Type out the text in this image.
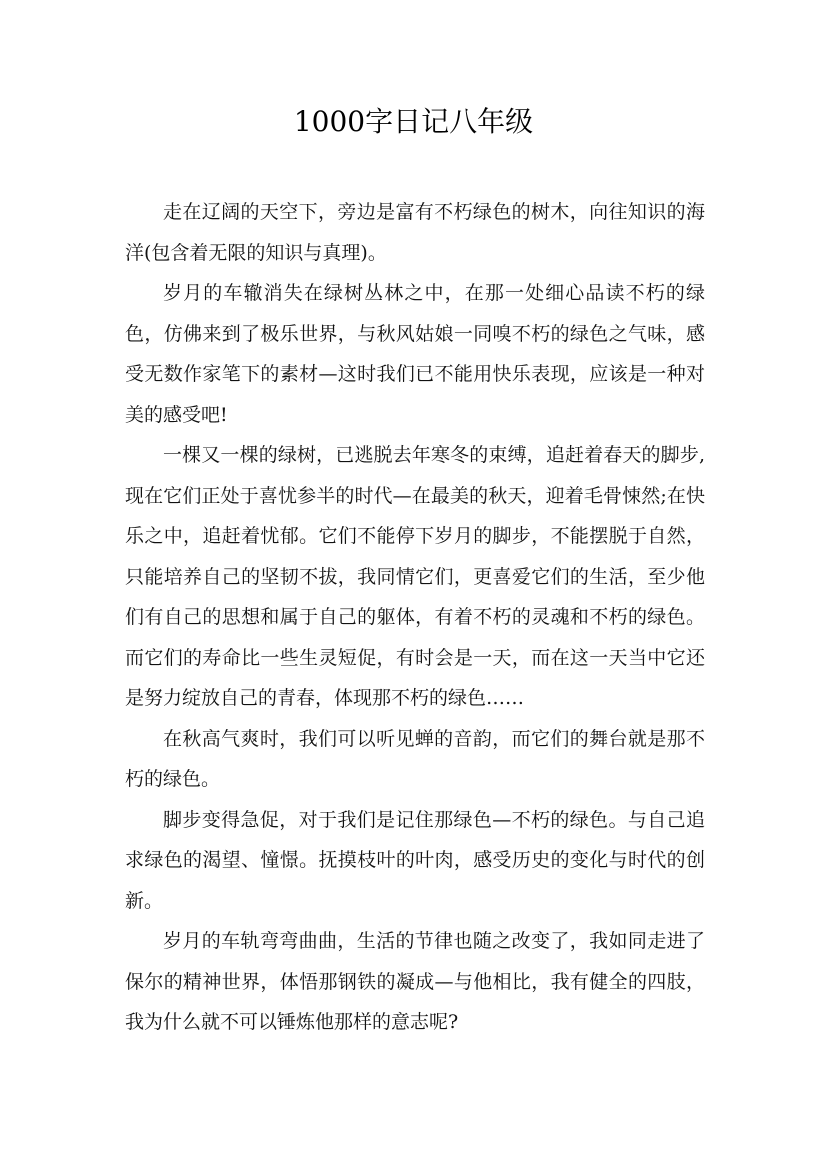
1000字日记八年级

走在辽阔的天空下，旁边是富有不朽绿色的树木，向往知识的海洋(包含着无限的知识与真理)。

岁月的车辙消失在绿树丛林之中，在那一处细心品读不朽的绿色，仿佛来到了极乐世界，与秋风姑娘一同嗅不朽的绿色之气味，感受无数作家笔下的素材—这时我们已不能用快乐表现，应该是一种对美的感受吧!

一棵又一棵的绿树，已逃脱去年寒冬的束缚，追赶着春天的脚步,现在它们正处于喜忧参半的时代—在最美的秋天，迎着毛骨悚然;在快乐之中，追赶着忧郁。它们不能停下岁月的脚步，不能摆脱于自然，只能培养自己的坚韧不拔，我同情它们，更喜爱它们的生活，至少他们有自己的思想和属于自己的躯体，有着不朽的灵魂和不朽的绿色。而它们的寿命比一些生灵短促，有时会是一天，而在这一天当中它还是努力绽放自己的青春，体现那不朽的绿色……

在秋高气爽时，我们可以听见蝉的音韵，而它们的舞台就是那不朽的绿色。

脚步变得急促，对于我们是记住那绿色—不朽的绿色。与自己追求绿色的渴望、憧憬。抚摸枝叶的叶肉，感受历史的变化与时代的创新。

岁月的车轨弯弯曲曲，生活的节律也随之改变了，我如同走进了保尔的精神世界，体悟那钢铁的凝成—与他相比，我有健全的四肢，我为什么就不可以锤炼他那样的意志呢?
